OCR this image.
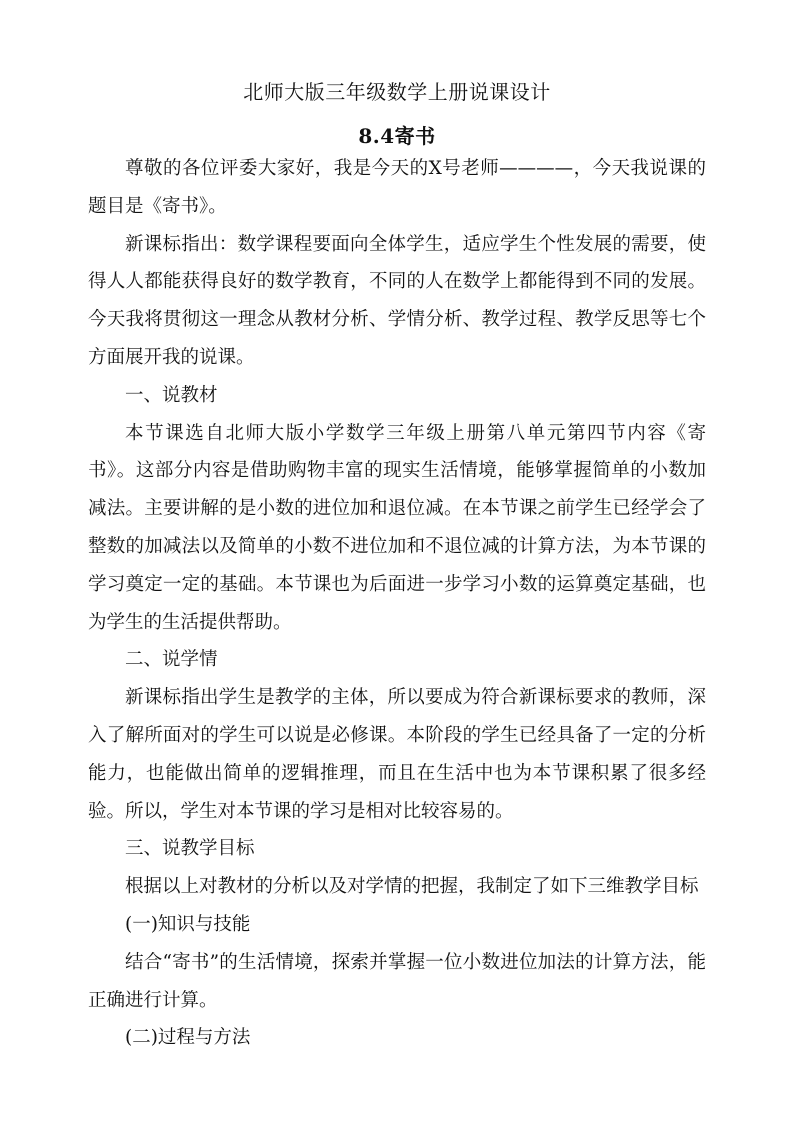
北师大版三年级数学上册说课设计
8.4寄书

尊敬的各位评委大家好，我是今天的X号老师————，今天我说课的题目是《寄书》。

新课标指出：数学课程要面向全体学生，适应学生个性发展的需要，使得人人都能获得良好的数学教育，不同的人在数学上都能得到不同的发展。今天我将贯彻这一理念从教材分析、学情分析、教学过程、教学反思等七个方面展开我的说课。

一、说教材

本节课选自北师大版小学数学三年级上册第八单元第四节内容《寄书》。这部分内容是借助购物丰富的现实生活情境，能够掌握简单的小数加减法。主要讲解的是小数的进位加和退位减。在本节课之前学生已经学会了整数的加减法以及简单的小数不进位加和不退位减的计算方法，为本节课的学习奠定一定的基础。本节课也为后面进一步学习小数的运算奠定基础，也为学生的生活提供帮助。

二、说学情

新课标指出学生是教学的主体，所以要成为符合新课标要求的教师，深入了解所面对的学生可以说是必修课。本阶段的学生已经具备了一定的分析能力，也能做出简单的逻辑推理，而且在生活中也为本节课积累了很多经验。所以，学生对本节课的学习是相对比较容易的。

三、说教学目标

根据以上对教材的分析以及对学情的把握，我制定了如下三维教学目标

(一)知识与技能

结合“寄书”的生活情境，探索并掌握一位小数进位加法的计算方法，能正确进行计算。

(二)过程与方法
